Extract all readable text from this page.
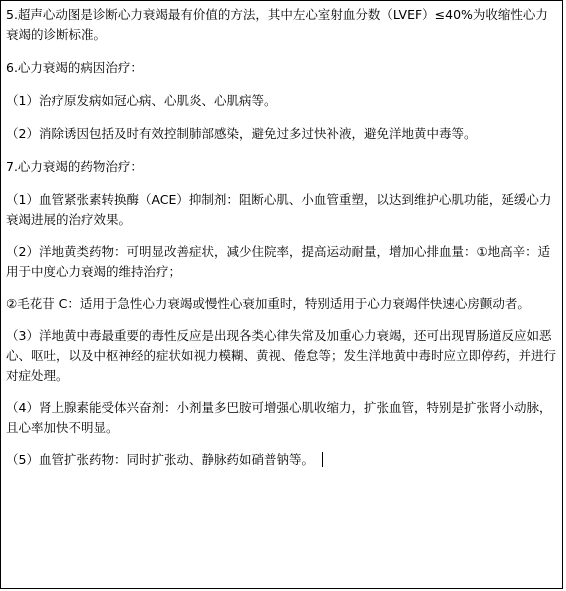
5.超声心动图是诊断心力衰竭最有价值的方法，其中左心室射血分数（LVEF）≤40%为收缩性心力衰竭的诊断标准。

6.心力衰竭的病因治疗：

（1）治疗原发病如冠心病、心肌炎、心肌病等。

（2）消除诱因包括及时有效控制肺部感染，避免过多过快补液，避免洋地黄中毒等。

7.心力衰竭的药物治疗：

（1）血管紧张素转换酶（ACE）抑制剂：阻断心肌、小血管重塑，以达到维护心肌功能，延缓心力衰竭进展的治疗效果。

（2）洋地黄类药物：可明显改善症状，减少住院率，提高运动耐量，增加心排血量：①地高辛：适用于中度心力衰竭的维持治疗；

②毛花苷 C：适用于急性心力衰竭或慢性心衰加重时，特别适用于心力衰竭伴快速心房颤动者。

（3）洋地黄中毒最重要的毒性反应是出现各类心律失常及加重心力衰竭，还可出现胃肠道反应如恶心、呕吐，以及中枢神经的症状如视力模糊、黄视、倦怠等；发生洋地黄中毒时应立即停药，并进行对症处理。

（4）肾上腺素能受体兴奋剂：小剂量多巴胺可增强心肌收缩力，扩张血管，特别是扩张肾小动脉，且心率加快不明显。

（5）血管扩张药物：同时扩张动、静脉药如硝普钠等。
